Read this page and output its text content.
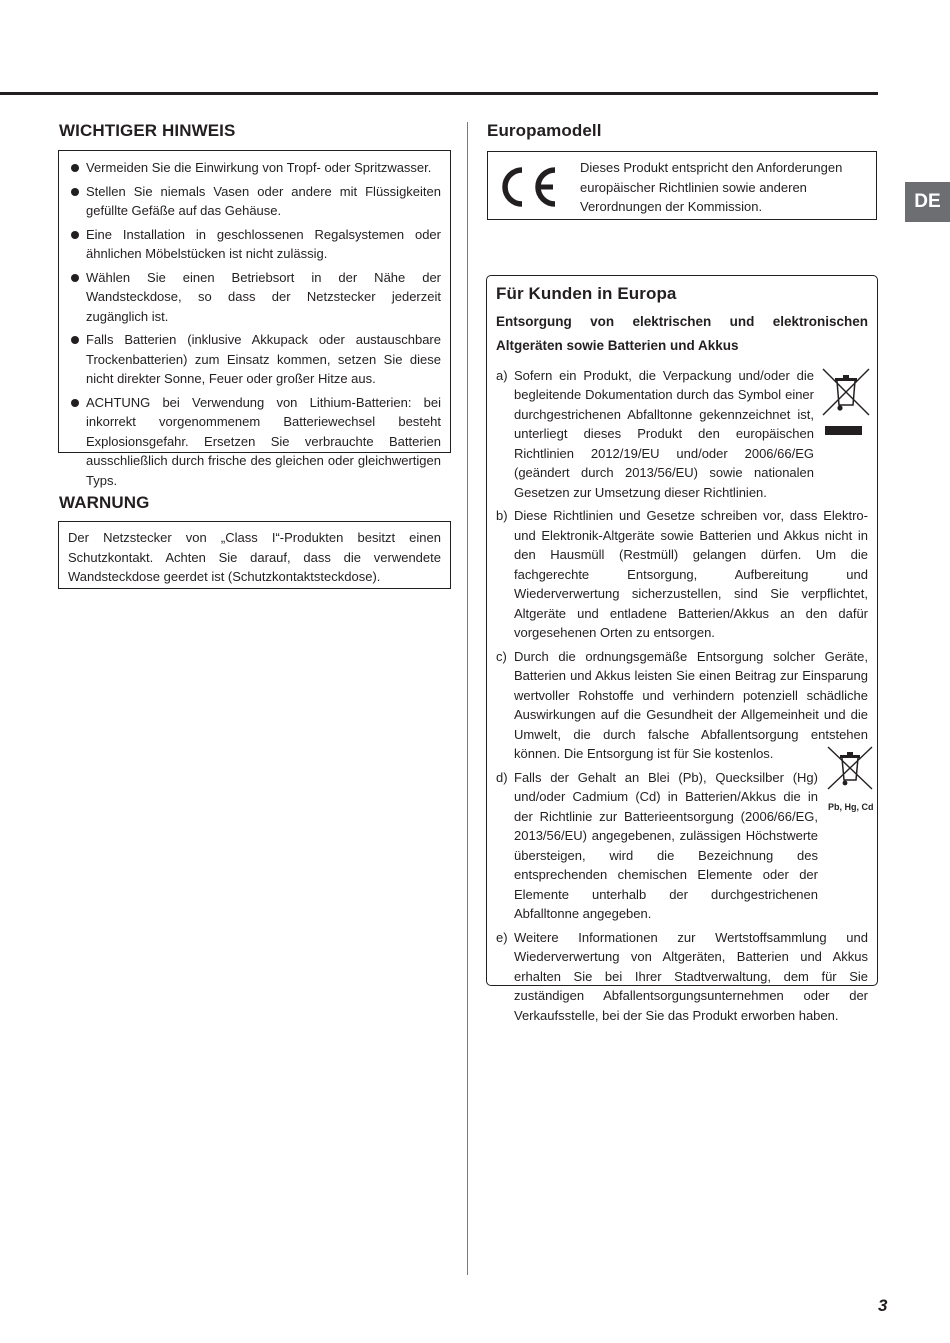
DE
WICHTIGER HINWEIS
Vermeiden Sie die Einwirkung von Tropf- oder Spritzwasser.
Stellen Sie niemals Vasen oder andere mit Flüssigkeiten gefüllte Gefäße auf das Gehäuse.
Eine Installation in geschlossenen Regalsystemen oder ähnlichen Möbelstücken ist nicht zulässig.
Wählen Sie einen Betriebsort in der Nähe der Wandsteckdose, so dass der Netzstecker jederzeit zugänglich ist.
Falls Batterien (inklusive Akkupack oder austauschbare Trockenbatterien) zum Einsatz kommen, setzen Sie diese nicht direkter Sonne, Feuer oder großer Hitze aus.
ACHTUNG bei Verwendung von Lithium-Batterien: bei inkorrekt vorgenommenem Batteriewechsel besteht Explosionsgefahr. Ersetzen Sie verbrauchte Batterien ausschließlich durch frische des gleichen oder gleichwertigen Typs.
WARNUNG
Der Netzstecker von „Class I“-Produkten besitzt einen Schutzkontakt. Achten Sie darauf, dass die verwendete Wandsteckdose geerdet ist (Schutzkontaktsteckdose).
Europamodell
Dieses Produkt entspricht den Anforderungen europäischer Richtlinien sowie anderen Verordnungen der Kommission.
Für Kunden in Europa
Entsorgung von elektrischen und elektronischen Altgeräten sowie Batterien und Akkus
a) Sofern ein Produkt, die Verpackung und/oder die begleitende Dokumentation durch das Symbol einer durchgestrichenen Abfalltonne gekennzeichnet ist, unterliegt dieses Produkt den europäischen Richtlinien 2012/19/EU und/oder 2006/66/EG (geändert durch 2013/56/EU) sowie nationalen Gesetzen zur Umsetzung dieser Richtlinien.
b) Diese Richtlinien und Gesetze schreiben vor, dass Elektro- und Elektronik-Altgeräte sowie Batterien und Akkus nicht in den Hausmüll (Restmüll) gelangen dürfen. Um die fachgerechte Entsorgung, Aufbereitung und Wiederverwertung sicherzustellen, sind Sie verpflichtet, Altgeräte und entladene Batterien/Akkus an den dafür vorgesehenen Orten zu entsorgen.
c) Durch die ordnungsgemäße Entsorgung solcher Geräte, Batterien und Akkus leisten Sie einen Beitrag zur Einsparung wertvoller Rohstoffe und verhindern potenziell schädliche Auswirkungen auf die Gesundheit der Allgemeinheit und die Umwelt, die durch falsche Abfallentsorgung entstehen können. Die Entsorgung ist für Sie kostenlos.
d) Falls der Gehalt an Blei (Pb), Quecksilber (Hg) und/oder Cadmium (Cd) in Batterien/Akkus die in der Richtlinie zur Batterieentsorgung (2006/66/EG, 2013/56/EU) angegebenen, zulässigen Höchstwerte übersteigen, wird die Bezeichnung des entsprechenden chemischen Elemente oder der Elemente unterhalb der durchgestrichenen Abfalltonne angegeben.
e) Weitere Informationen zur Wertstoffsammlung und Wiederverwertung von Altgeräten, Batterien und Akkus erhalten Sie bei Ihrer Stadtverwaltung, dem für Sie zuständigen Abfallentsorgungsunternehmen oder der Verkaufsstelle, bei der Sie das Produkt erworben haben.
Pb, Hg, Cd
3
